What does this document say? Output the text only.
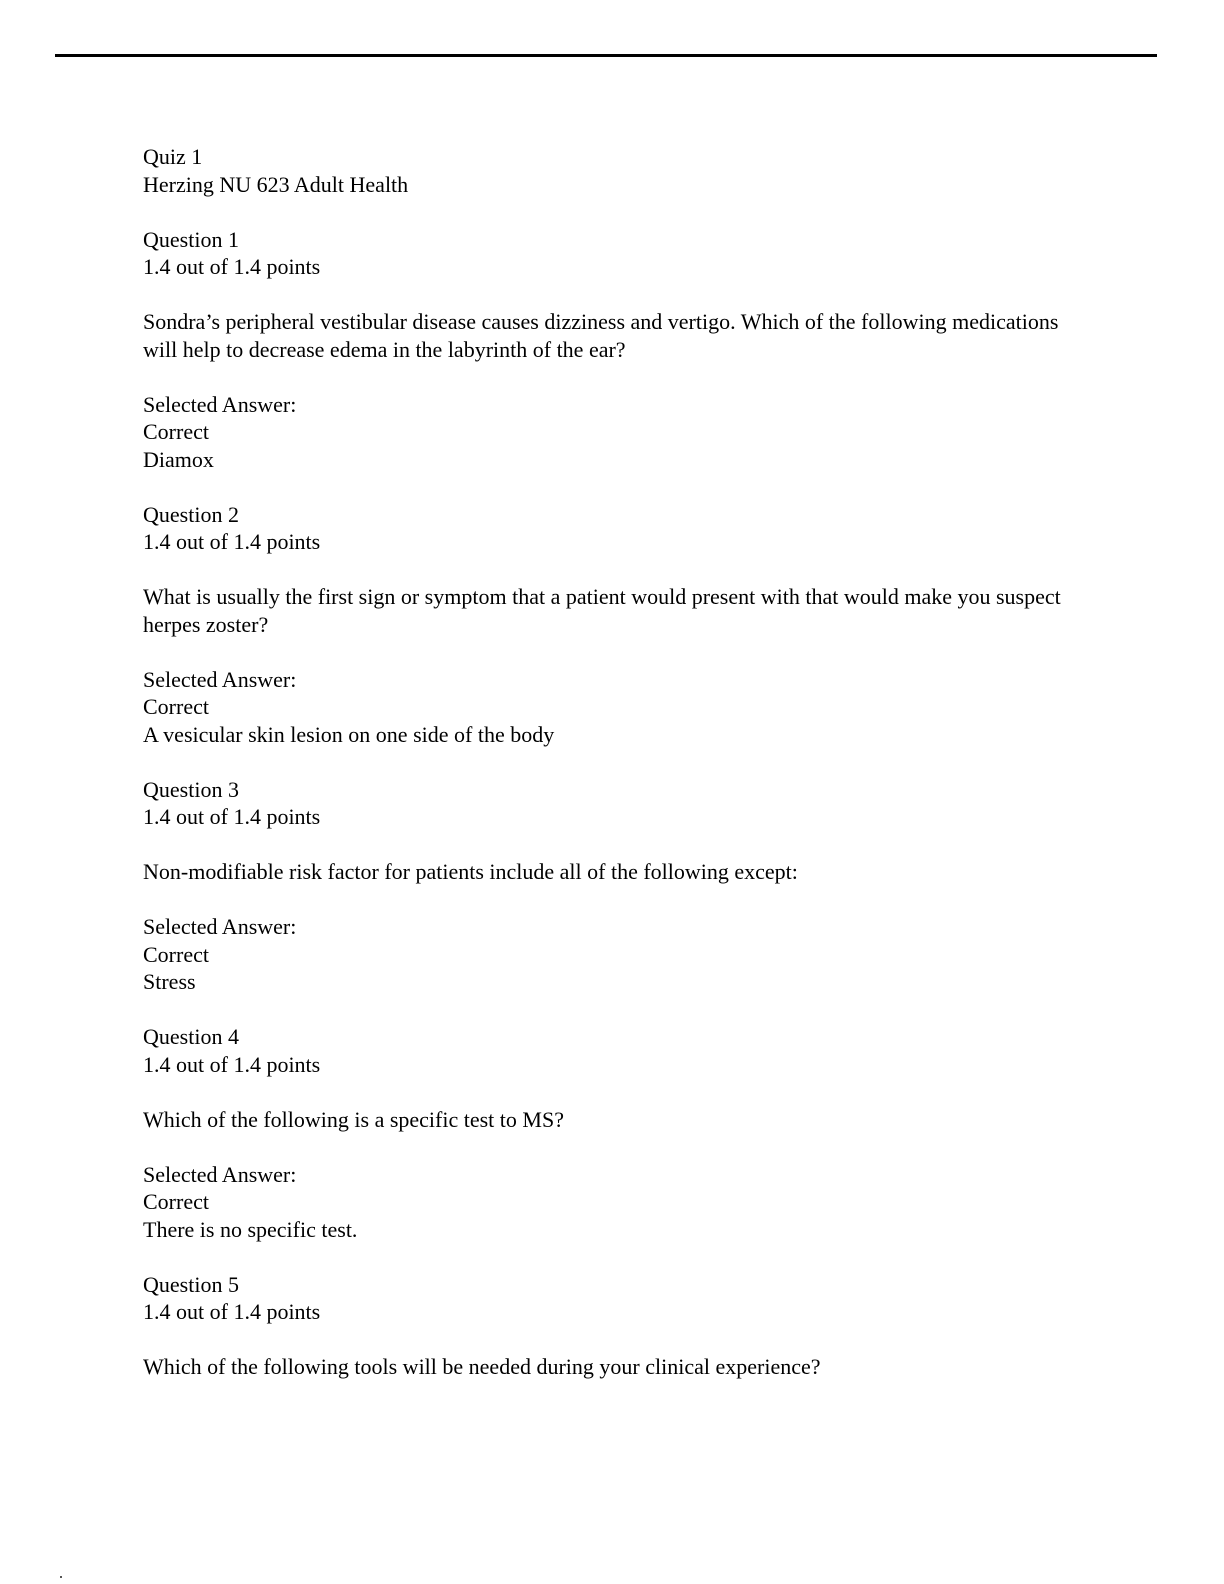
Quiz 1
Herzing NU 623 Adult Health
Question 1
1.4 out of 1.4 points
Sondra’s peripheral vestibular disease causes dizziness and vertigo. Which of the following medications will help to decrease edema in the labyrinth of the ear?
Selected Answer:
Correct
Diamox
Question 2
1.4 out of 1.4 points
What is usually the first sign or symptom that a patient would present with that would make you suspect herpes zoster?
Selected Answer:
Correct
A vesicular skin lesion on one side of the body
Question 3
1.4 out of 1.4 points
Non-modifiable risk factor for patients include all of the following except:
Selected Answer:
Correct
Stress
Question 4
1.4 out of 1.4 points
Which of the following is a specific test to MS?
Selected Answer:
Correct
There is no specific test.
Question 5
1.4 out of 1.4 points
Which of the following tools will be needed during your clinical experience?
